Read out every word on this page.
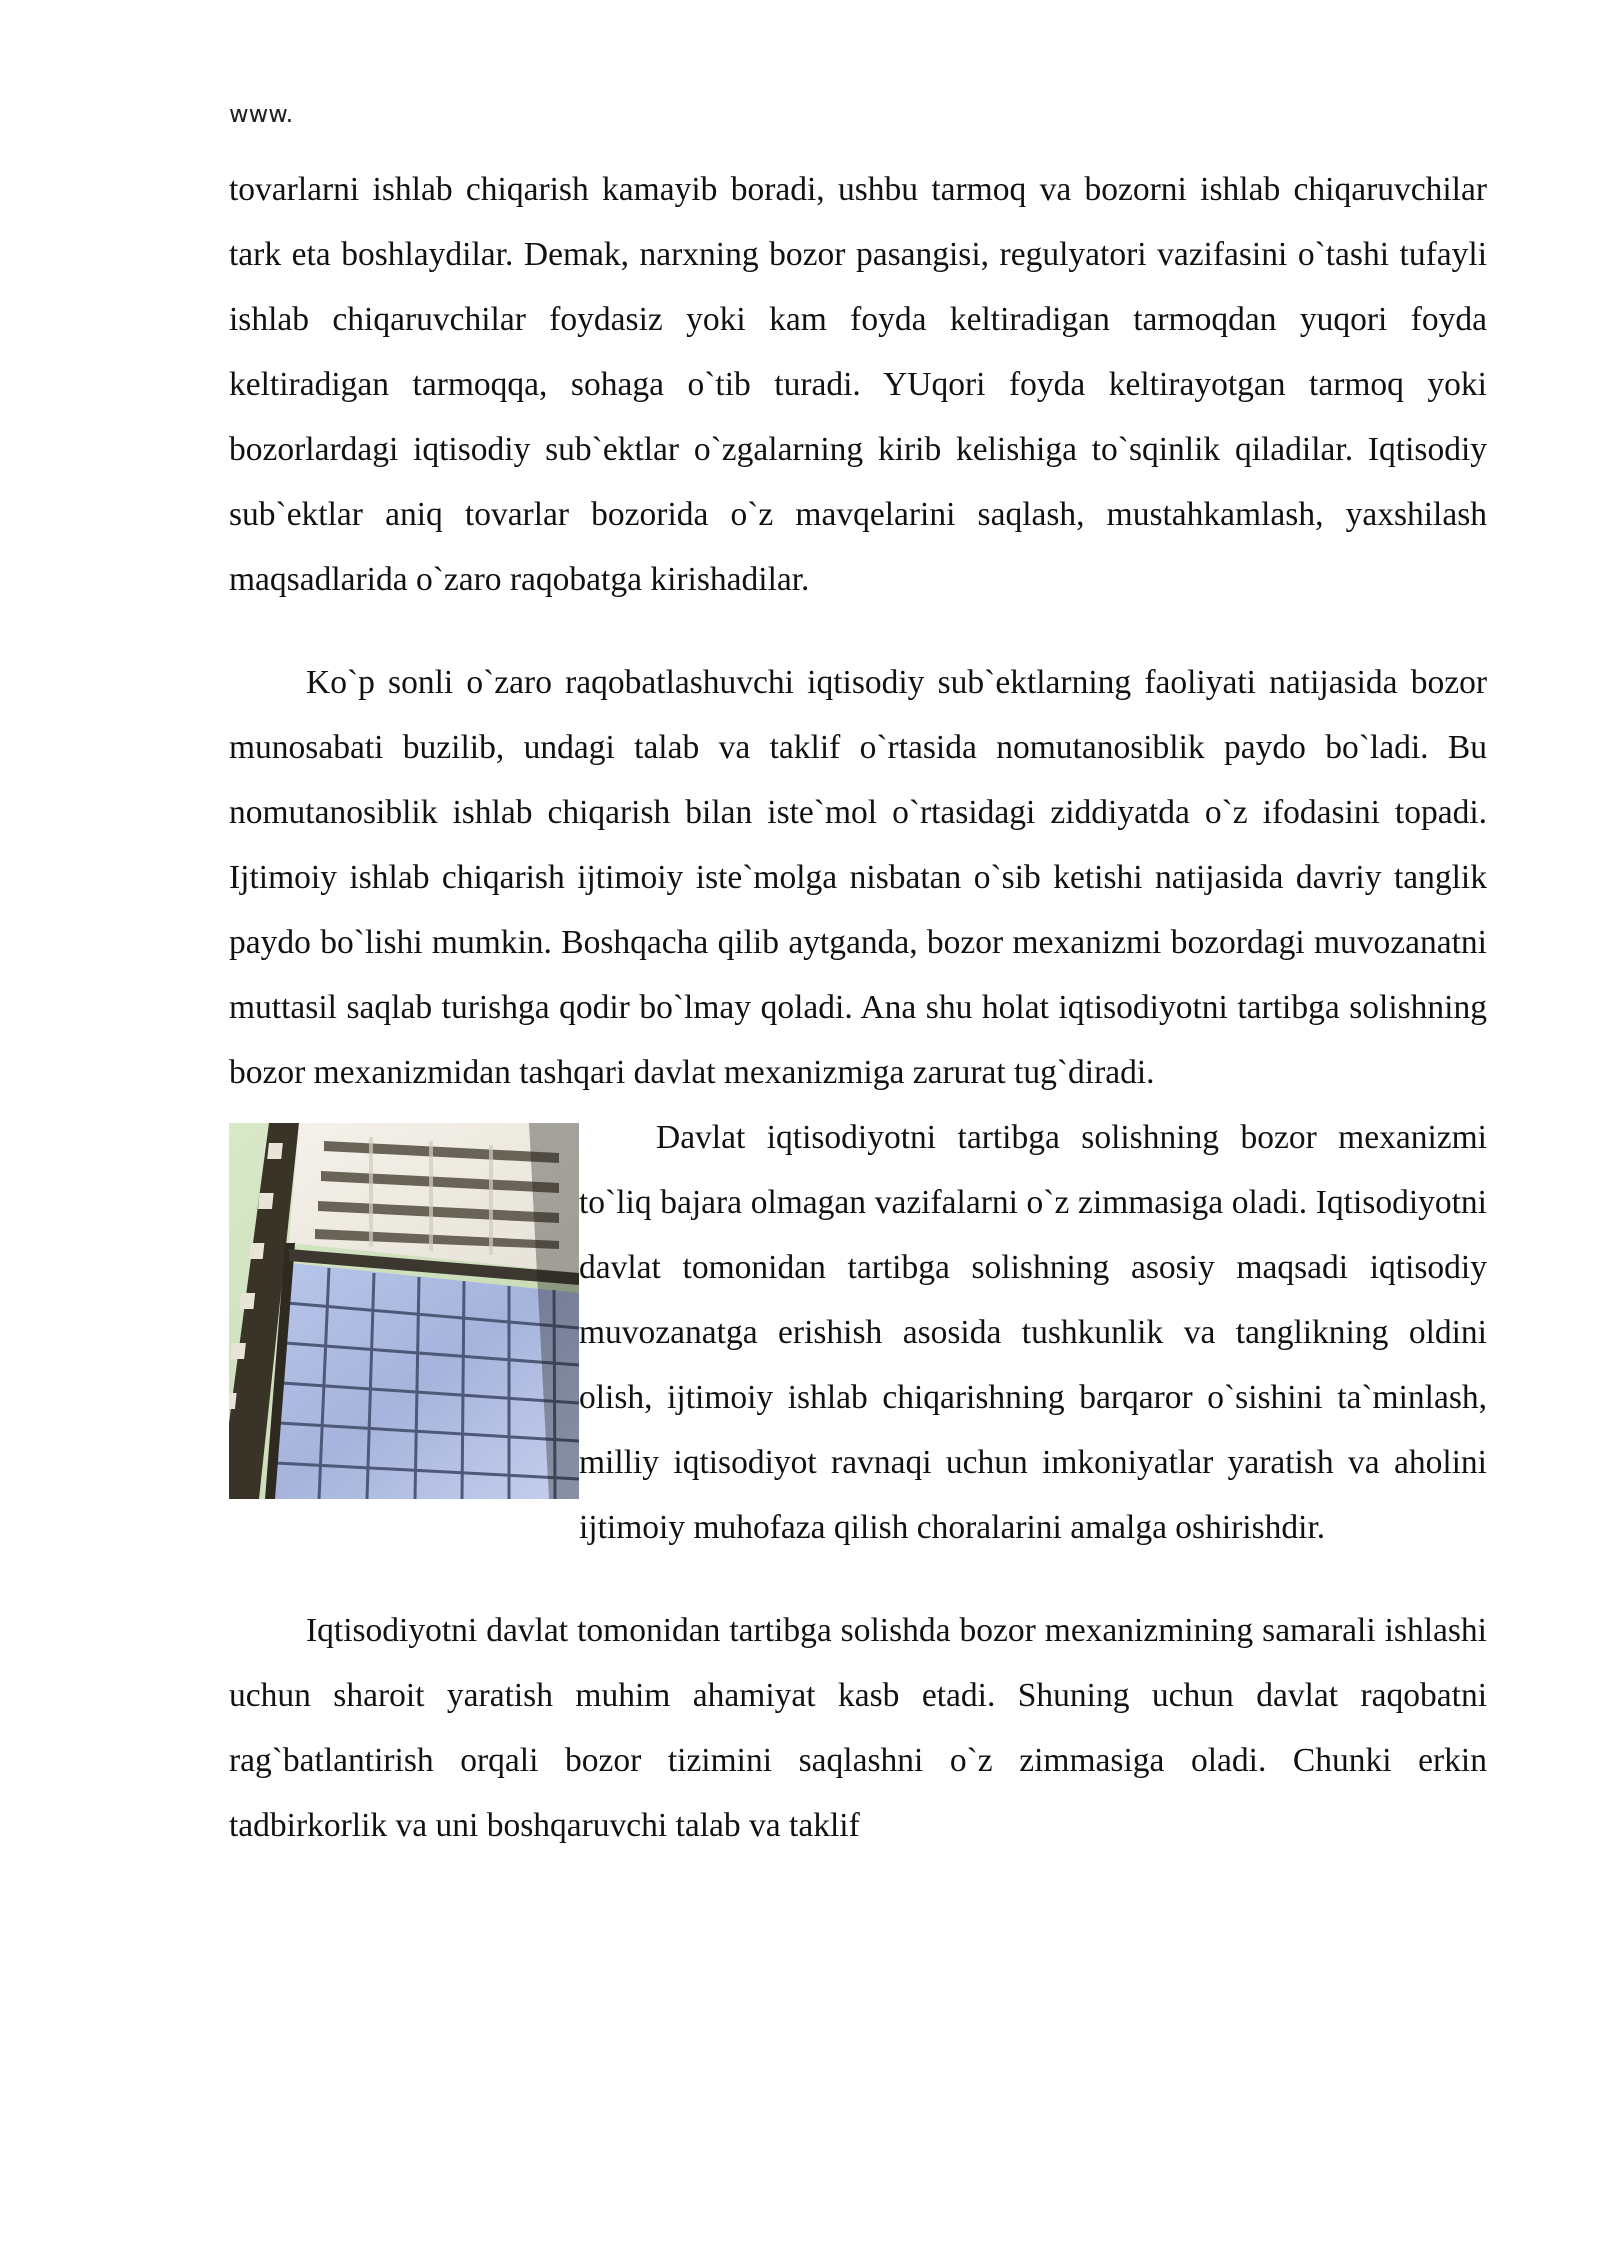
www.

tovarlarni ishlab chiqarish kamayib boradi, ushbu tarmoq va bozorni ishlab chiqaruvchilar tark eta boshlaydilar. Demak, narxning bozor pasangisi, regulyatori vazifasini o`tashi tufayli ishlab chiqaruvchilar foydasiz yoki kam foyda keltiradigan tarmoqdan yuqori foyda keltiradigan tarmoqqa, sohaga o`tib turadi. YUqori foyda keltirayotgan tarmoq yoki bozorlardagi iqtisodiy sub`ektlar o`zgalarning kirib kelishiga to`sqinlik qiladilar. Iqtisodiy sub`ektlar aniq tovarlar bozorida o`z mavqelarini saqlash, mustahkamlash, yaxshilash maqsadlarida o`zaro raqobatga kirishadilar.

Ko`p sonli o`zaro raqobatlashuvchi iqtisodiy sub`ektlarning faoliyati natijasida bozor munosabati buzilib, undagi talab va taklif o`rtasida nomutanosiblik paydo bo`ladi. Bu nomutanosiblik ishlab chiqarish bilan iste`mol o`rtasidagi ziddiyatda o`z ifodasini topadi. Ijtimoiy ishlab chiqarish ijtimoiy iste`molga nisbatan o`sib ketishi natijasida davriy tanglik paydo bo`lishi mumkin. Boshqacha qilib aytganda, bozor mexanizmi bozordagi muvozanatni muttasil saqlab turishga qodir bo`lmay qoladi. Ana shu holat iqtisodiyotni tartibga solishning bozor mexanizmidan tashqari davlat mexanizmiga zarurat tug`diradi.

Davlat iqtisodiyotni tartibga solishning bozor mexanizmi to`liq bajara olmagan vazifalarni o`z zimmasiga oladi. Iqtisodiyotni davlat tomonidan tartibga solishning asosiy maqsadi iqtisodiy muvozanatga erishish asosida tushkunlik va tanglikning oldini olish, ijtimoiy ishlab chiqarishning barqaror o`sishini ta`minlash, milliy iqtisodiyot ravnaqi uchun imkoniyatlar yaratish va aholini ijtimoiy muhofaza qilish choralarini amalga oshirishdir.

Iqtisodiyotni davlat tomonidan tartibga solishda bozor mexanizmining samarali ishlashi uchun sharoit yaratish muhim ahamiyat kasb etadi. Shuning uchun davlat raqobatni rag`batlantirish orqali bozor tizimini saqlashni o`z zimmasiga oladi. Chunki erkin tadbirkorlik va uni boshqaruvchi talab va taklif
